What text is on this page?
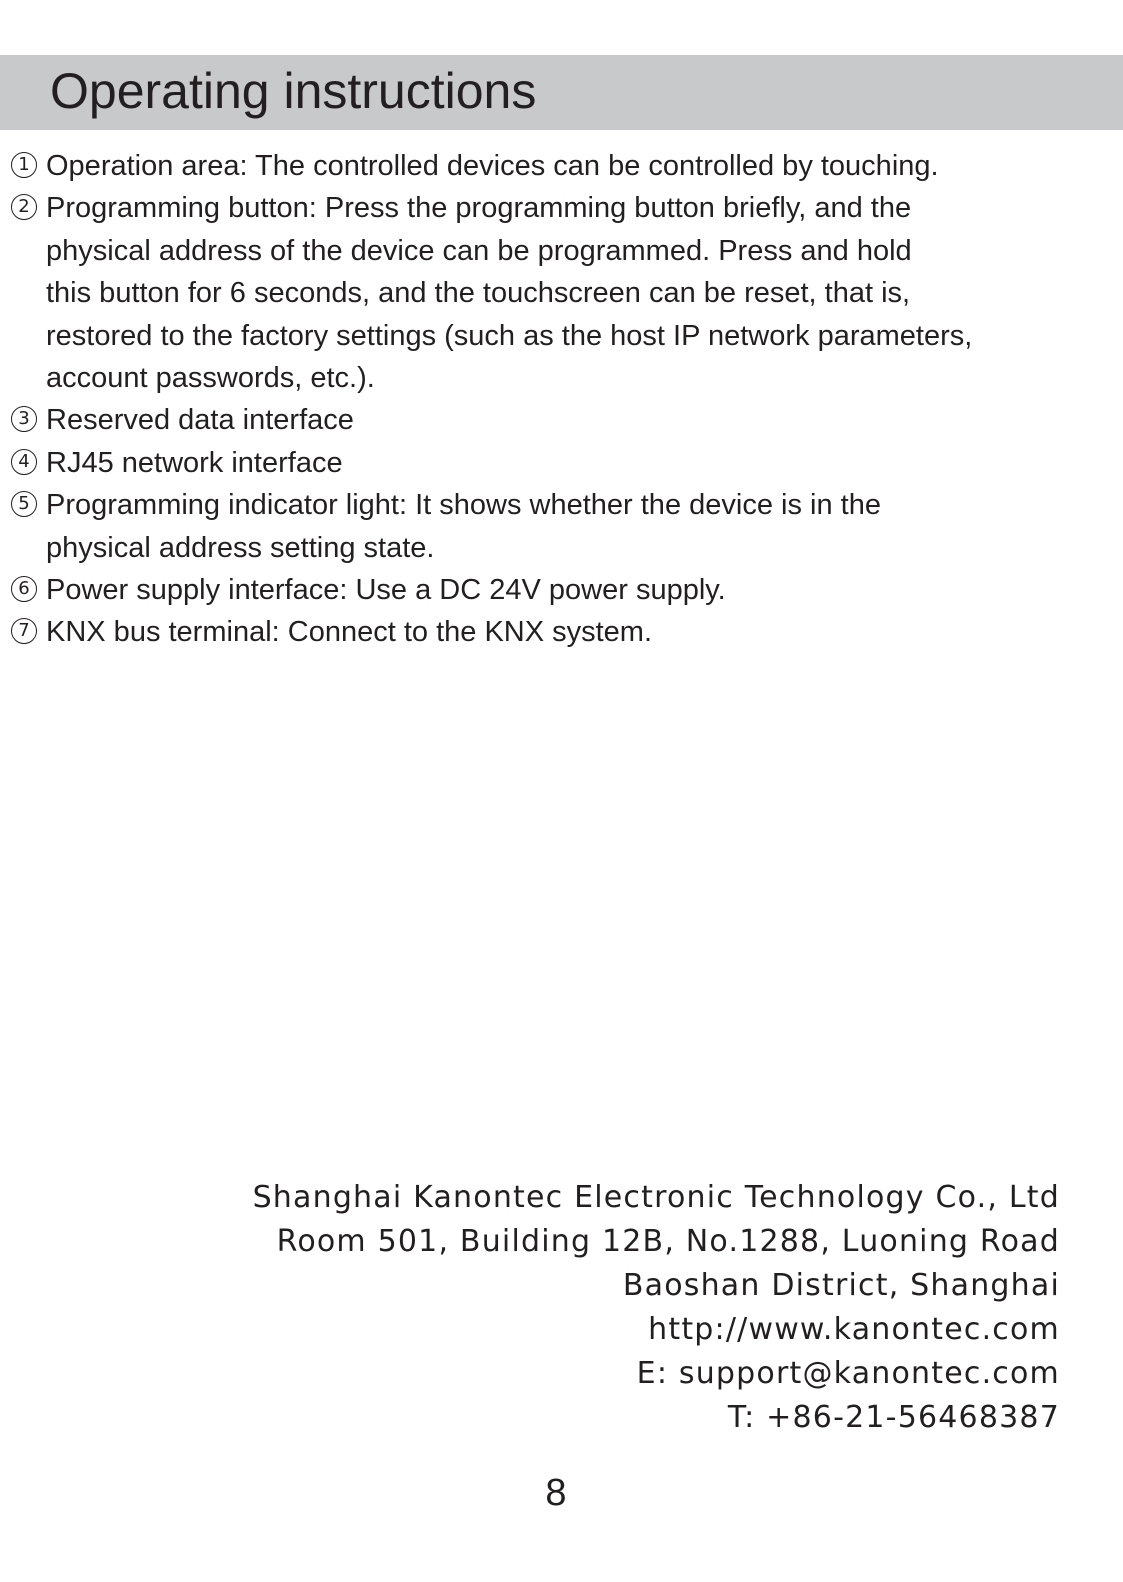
Operating instructions
1 Operation area: The controlled devices can be controlled by touching.
2 Programming button: Press the programming button briefly, and the
physical address of the device can be programmed. Press and hold
this button for 6 seconds, and the touchscreen can be reset, that is,
restored to the factory settings (such as the host IP network parameters,
account passwords, etc.).
3 Reserved data interface
4 RJ45 network interface
5 Programming indicator light: It shows whether the device is in the
physical address setting state.
6 Power supply interface: Use a DC 24V power supply.
7 KNX bus terminal: Connect to the KNX system.
Shanghai Kanontec Electronic Technology Co., Ltd
Room 501, Building 12B, No.1288, Luoning Road
Baoshan District, Shanghai
http://www.kanontec.com
E: support@kanontec.com
T: +86-21-56468387
8
